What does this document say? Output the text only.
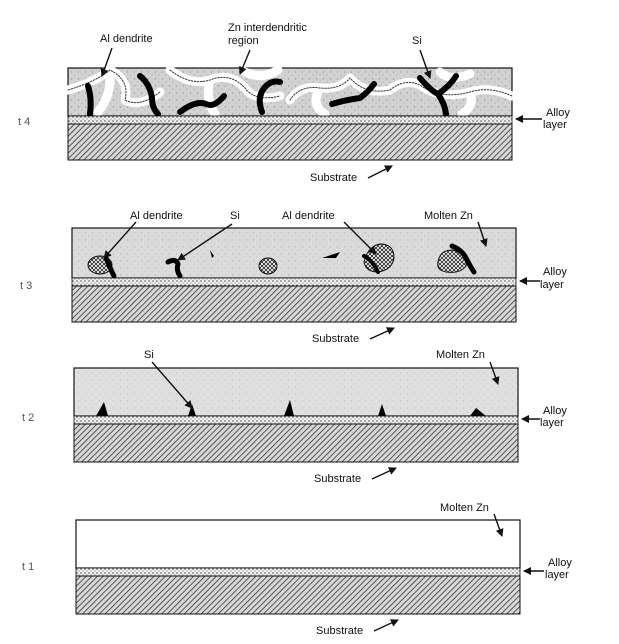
t 4
Al dendrite
Zn interdendritic
region	Si
Alloy
layer
Substrate
t 3
Al dendrite	Si	Al dendrite	Molten Zn
Alloy
layer
Substrate
t 2
Si	Molten Zn
Alloy
layer
Substrate
t 1
Molten Zn
Alloy
layer
Substrate
